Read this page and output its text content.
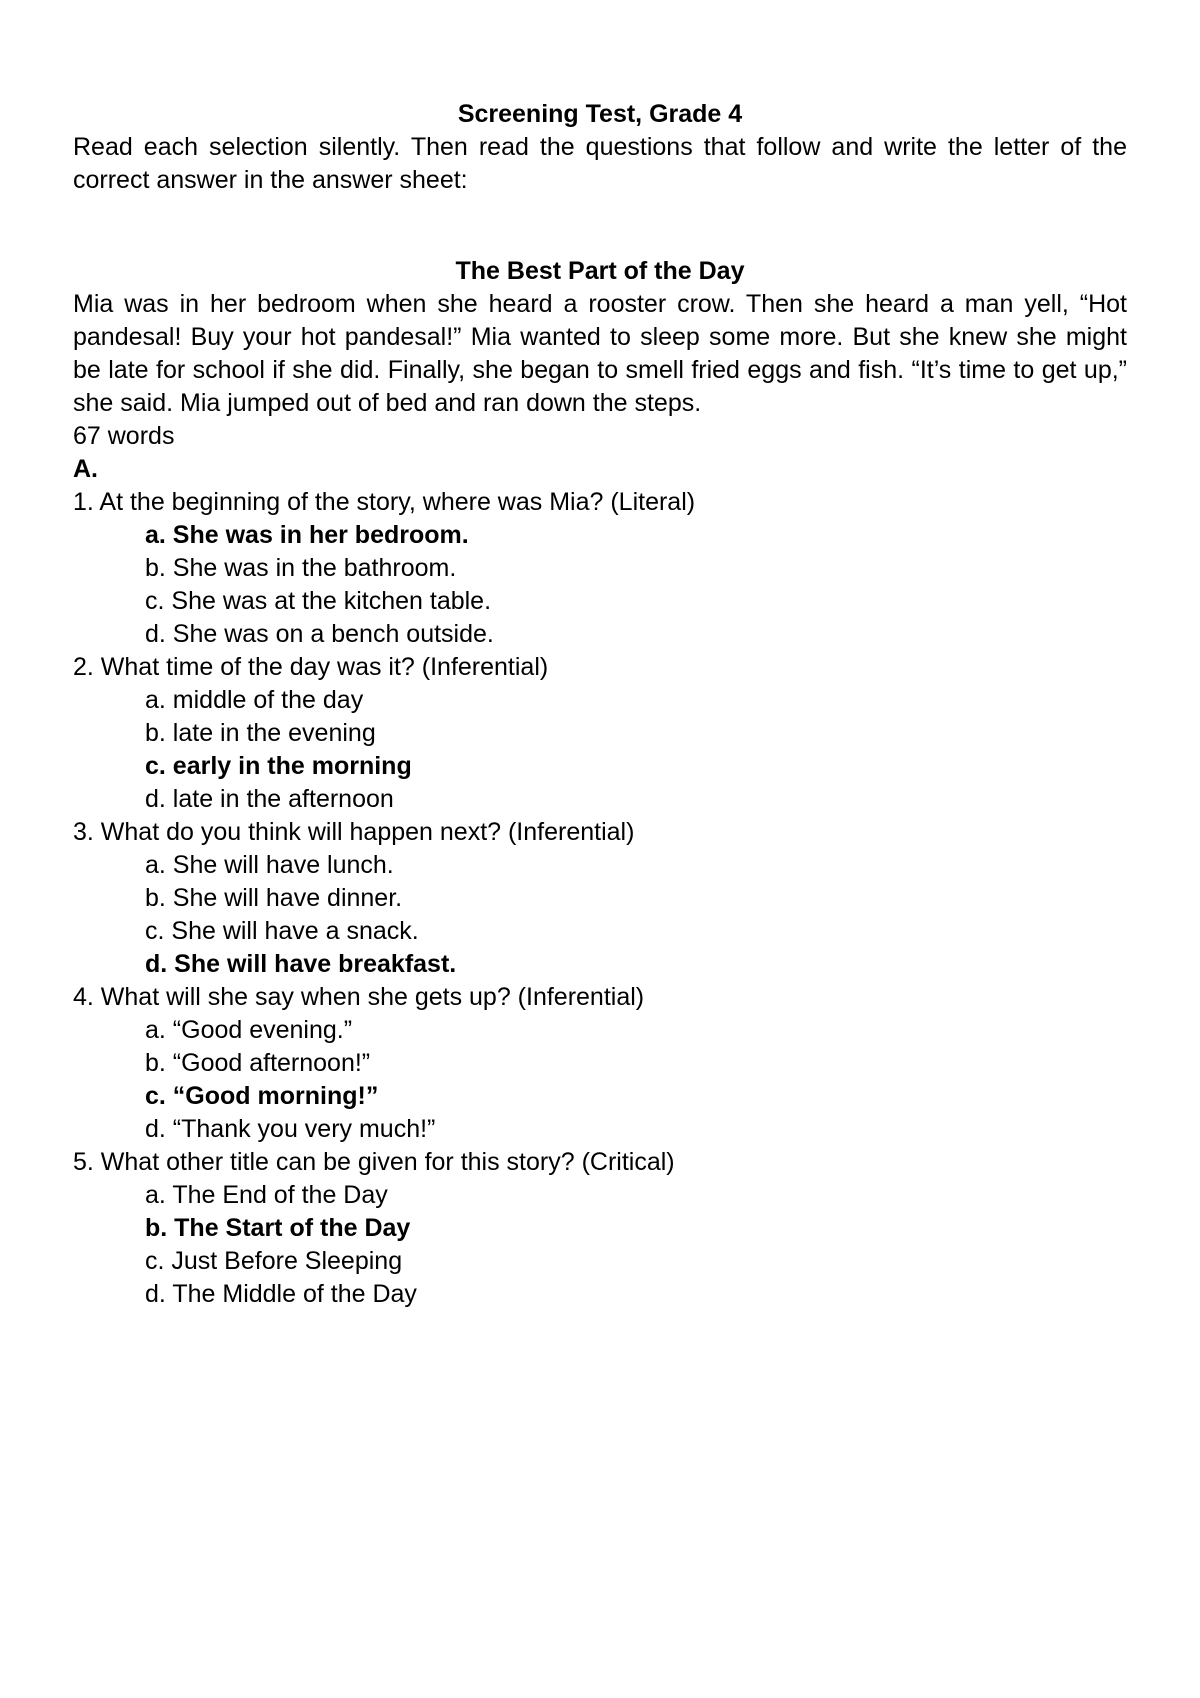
Screening Test, Grade 4

Read each selection silently. Then read the questions that follow and write the letter of the correct answer in the answer sheet:

The Best Part of the Day

Mia was in her bedroom when she heard a rooster crow. Then she heard a man yell, “Hot pandesal! Buy your hot pandesal!” Mia wanted to sleep some more. But she knew she might be late for school if she did. Finally, she began to smell fried eggs and fish. “It’s time to get up,” she said. Mia jumped out of bed and ran down the steps.

67 words

A.

1. At the beginning of the story, where was Mia? (Literal)

a. She was in her bedroom.
b. She was in the bathroom.
c. She was at the kitchen table.
d. She was on a bench outside.

2. What time of the day was it? (Inferential)

a. middle of the day
b. late in the evening
c. early in the morning
d. late in the afternoon

3. What do you think will happen next? (Inferential)

a. She will have lunch.
b. She will have dinner.
c. She will have a snack.
d. She will have breakfast.

4. What will she say when she gets up? (Inferential)

a. “Good evening.”
b. “Good afternoon!”
c. “Good morning!”
d. “Thank you very much!”

5. What other title can be given for this story? (Critical)

a. The End of the Day
b. The Start of the Day
c. Just Before Sleeping
d. The Middle of the Day
